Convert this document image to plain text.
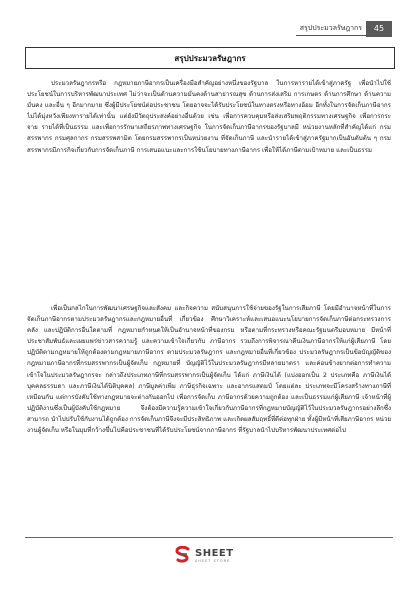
สรุปประมวลรัษฎากร	45
สรุปประมวลรัษฎากร

ประมวลรัษฎากรหรือ กฎหมายภาษีอากรเป็นเครื่องมือสำคัญอย่างหนึ่งของรัฐบาล ในการหารายได้เข้าสู่ภาครัฐ เพื่อนำไปใช้ ประโยชน์ในการบริหารพัฒนาประเทศ ไม่ว่าจะเป็นด้านความมั่นคงด้านสาธารณสุข ด้านการส่งเสริม การเกษตร ด้านการศึกษา ด้านความมั่นคง และอื่น ๆ อีกมากมาย ซึ่งผู้มีประโยชน์ต่อประชาชน โดยอาจจะได้รับประโยชน์ในทางตรงหรือทางอ้อม อีกทั้งในการจัดเก็บภาษีอากรไม่ได้มุ่งหวังเพียงหารายได้เท่านั้น แต่ยังมีวัตถุประสงค์อย่างอื่นด้วย เช่น เพื่อการควบคุมหรือส่งเสริมพฤติกรรมทางเศรษฐกิจ เพื่อการกระจาย รายได้ที่เป็นธรรม และเพื่อการรักษาเสถียรภาพทางเศรษฐกิจ ในการจัดเก็บภาษีอากรของรัฐบาลมี หน่วยงานหลักที่สำคัญได้แก่ กรมสรรพากร กรมศุลกากร กรมสรรพสามิต โดยกรมสรรพากรเป็นหน่วยงาน ที่จัดเก็บภาษี และนำรายได้เข้าสู่ภาครัฐมากเป็นอันดับต้น ๆ กรมสรรพากรมีภารกิจเกี่ยวกับการจัดเก็บภาษี การเสนอแนะและการใช้นโยบายทางภาษีอากร เพื่อให้ได้ภาษีตามเป้าหมาย และเป็นธรรม

เพื่อเป็นกลไกในการพัฒนาเศรษฐกิจและสังคม และกิจความ สนับสนุนการใช้จ่ายของรัฐในการเสียภาษี โดยมีอำนาจหน้าที่ในการจัดเก็บภาษีอากรตามประมวลรัษฎากรและกฎหมายอื่นที่ เกี่ยวข้อง ศึกษาวิเคราะห์และเสนอแนะนโยบายการจัดเก็บภาษีต่อกระทรวงการคลัง และปฏิบัติการอื่นใดตามที่ กฎหมายกำหนดให้เป็นอำนาจหน้าที่ของกรม หรือตามที่กระทรวงหรือคณะรัฐมนตรีมอบหมาย มีหน้าที่ประชาสัมพันธ์และเผยแพร่ข่าวสารความรู้ และความเข้าใจเกี่ยวกับ ภาษีอากร รวมถึงการพิจารณาคืนเงินภาษีอากรให้แก่ผู้เสียภาษี โดยปฏิบัติตามกฎหมายให้ถูกต้องตามกฎหมายภาษีอากร ตามประมวลรัษฎากร และกฎหมายอื่นที่เกี่ยวข้อง ประมวลรัษฎากรเป็นข้อบัญญัติของกฎหมายภาษีอากรที่กรมสรรพากรเป็นผู้จัดเก็บ กฎหมายที่ บัญญัติไว้ในประมวลรัษฎากรมีหลายมาตรา และค่อนข้างยากต่อการทำความเข้าใจในประมวลรัษฎากรจะ กล่าวถึงประเภทภาษีที่กรมสรรพากรเป็นผู้จัดเก็บ ได้แก่ ภาษีเงินได้ (แบ่งออกเป็น 2 ประเภทคือ ภาษีเงินได้ บุคคลธรรมดา และภาษีเงินได้นิติบุคคล) ภาษีมูลค่าเพิ่ม ภาษีธุรกิจเฉพาะ และอากรแสตมป์ โดยแต่ละ ประเภทจะมีโครงสร้างทางภาษีที่เหมือนกัน แต่การบังคับใช้ทางกฎหมายจะต่างกันออกไป เพื่อการจัดเก็บ ภาษีอากรด้วยความถูกต้อง และเป็นธรรมแก่ผู้เสียภาษี เจ้าหน้าที่ผู้ปฏิบัติงานซึ่งเป็นผู้บังคับใช้กฎหมาย จึงต้องมีความรู้ความเข้าใจเกี่ยวกับภาษีอากรที่กฎหมายบัญญัติไว้ในประมวลรัษฎากรอย่างลึกซึ้ง สามารถ นำไปปรับใช้กับงานได้ถูกต้อง การจัดเก็บภาษีจึงจะมีประสิทธิภาพ และเกิดผลสัมฤทธิ์ที่ดีต่อทุกฝ่าย ทั้งผู้มีหน้าที่เสียภาษีอากร หน่วยงานผู้จัดเก็บ หรือในมุมที่กว้างขึ้นไปคือประชาชนที่ได้รับประโยชน์จากภาษีอากร ที่รัฐบาลนำไปบริหารพัฒนาประเทศต่อไป

SHEET
SHEET STORE
